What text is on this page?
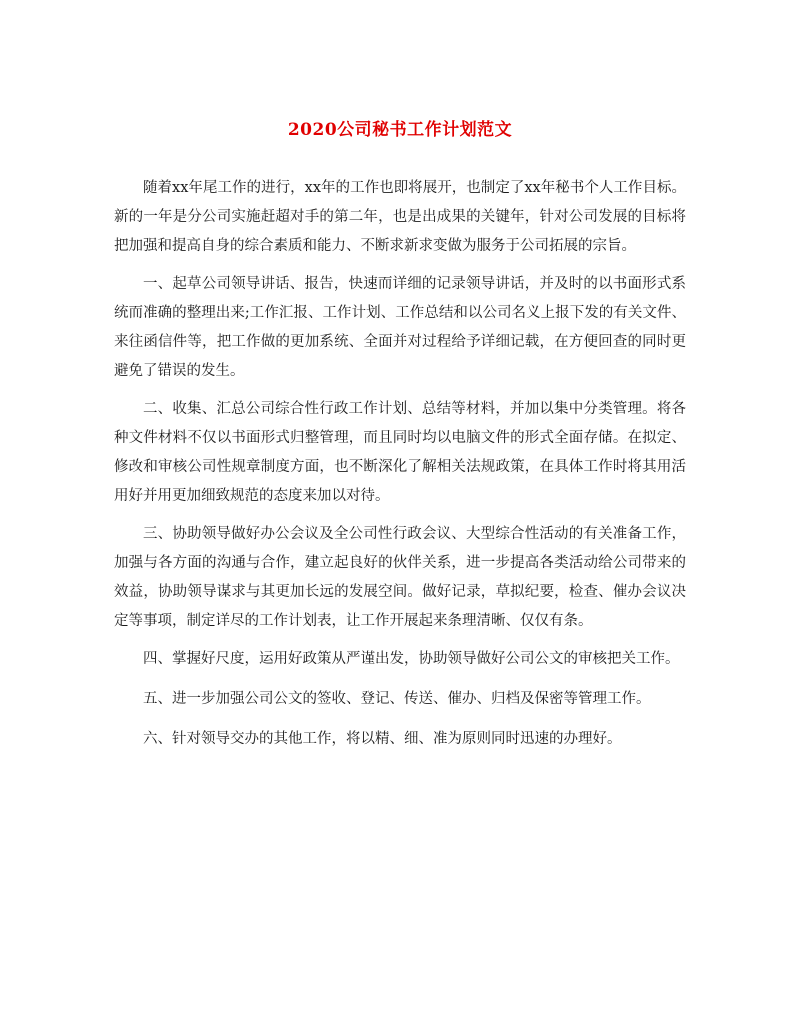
2020公司秘书工作计划范文

随着xx年尾工作的进行，xx年的工作也即将展开，也制定了xx年秘书个人工作目标。新的一年是分公司实施赶超对手的第二年，也是出成果的关键年，针对公司发展的目标将把加强和提高自身的综合素质和能力、不断求新求变做为服务于公司拓展的宗旨。

一、起草公司领导讲话、报告，快速而详细的记录领导讲话，并及时的以书面形式系统而准确的整理出来;工作汇报、工作计划、工作总结和以公司名义上报下发的有关文件、来往函信件等，把工作做的更加系统、全面并对过程给予详细记载，在方便回查的同时更避免了错误的发生。

二、收集、汇总公司综合性行政工作计划、总结等材料，并加以集中分类管理。将各种文件材料不仅以书面形式归整管理，而且同时均以电脑文件的形式全面存储。在拟定、修改和审核公司性规章制度方面，也不断深化了解相关法规政策，在具体工作时将其用活用好并用更加细致规范的态度来加以对待。

三、协助领导做好办公会议及全公司性行政会议、大型综合性活动的有关准备工作，加强与各方面的沟通与合作，建立起良好的伙伴关系，进一步提高各类活动给公司带来的效益，协助领导谋求与其更加长远的发展空间。做好记录，草拟纪要，检查、催办会议决定等事项，制定详尽的工作计划表，让工作开展起来条理清晰、仅仅有条。

四、掌握好尺度，运用好政策从严谨出发，协助领导做好公司公文的审核把关工作。

五、进一步加强公司公文的签收、登记、传送、催办、归档及保密等管理工作。

六、针对领导交办的其他工作，将以精、细、准为原则同时迅速的办理好。
